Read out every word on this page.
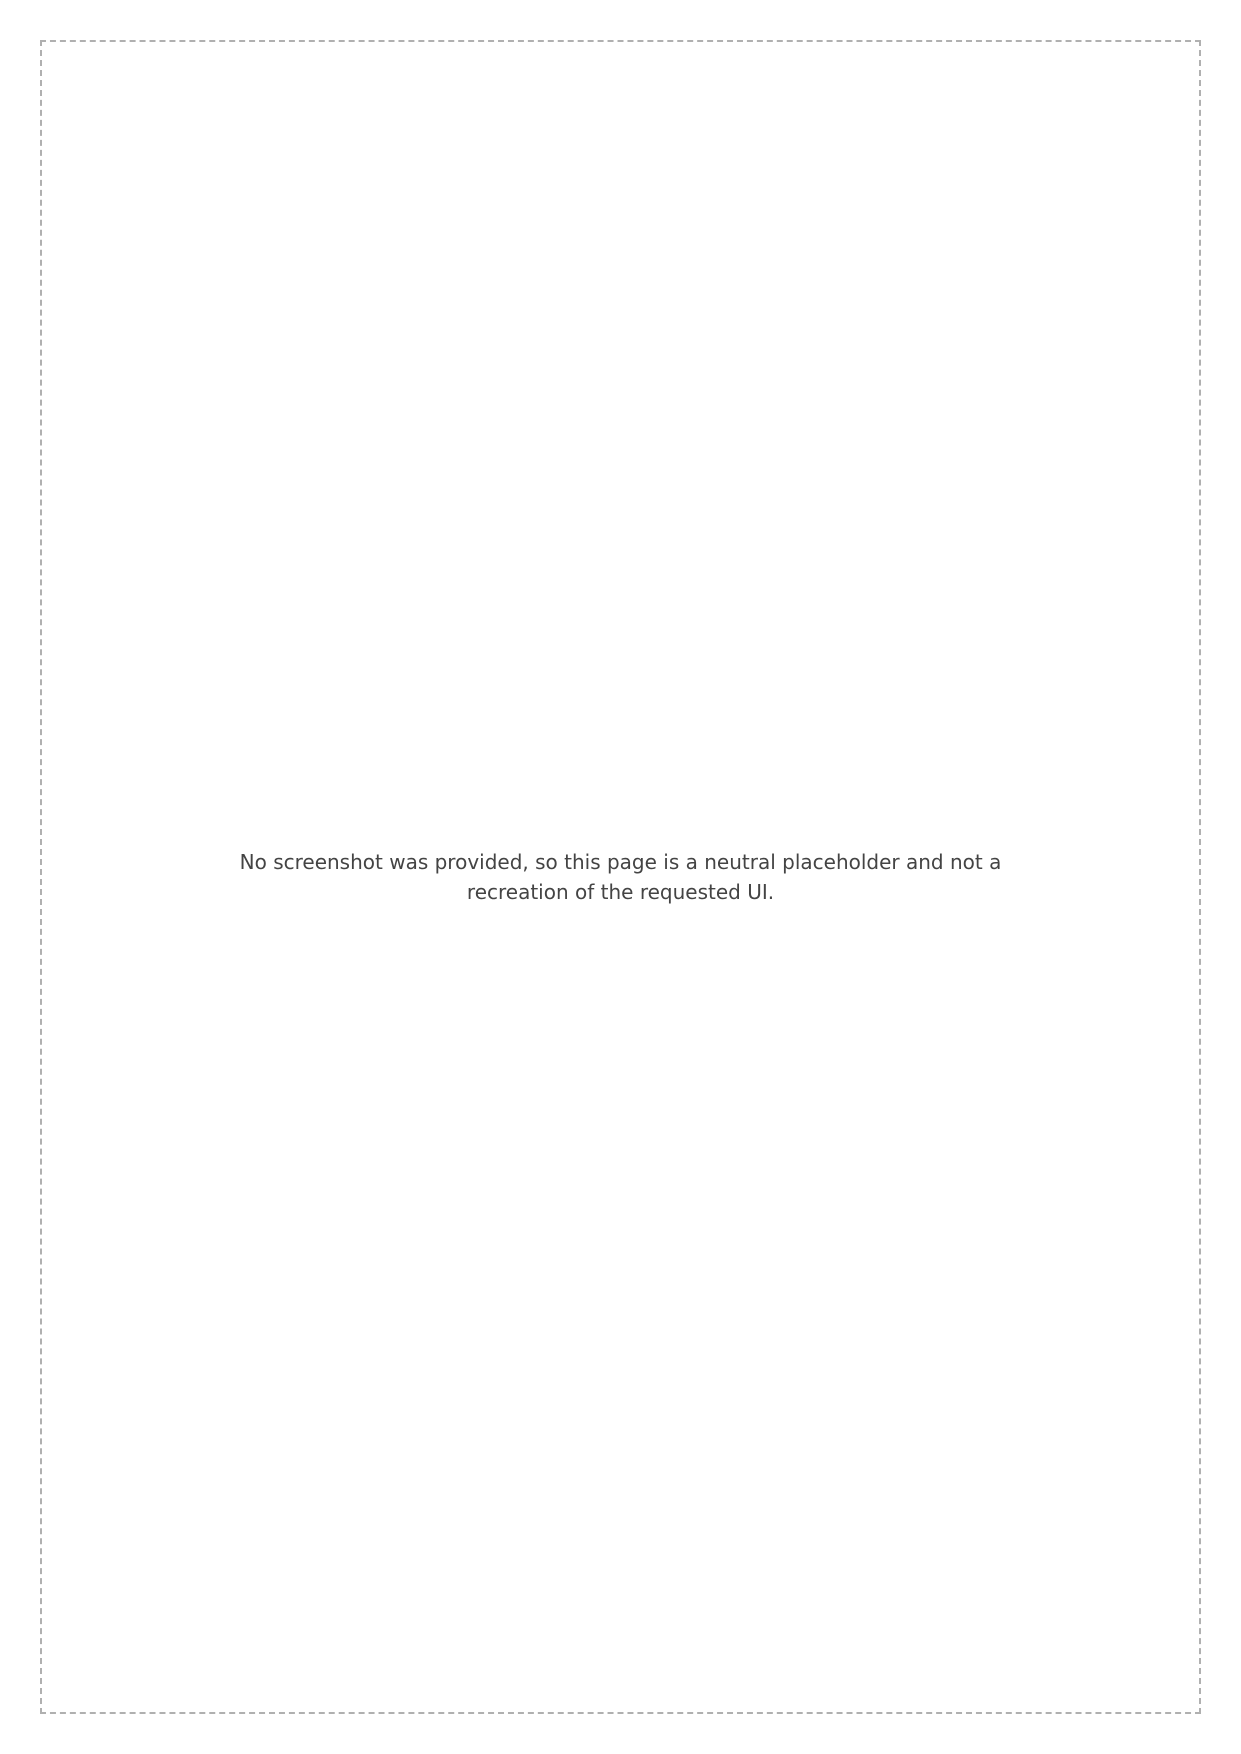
No screenshot was provided, so this page is a neutral placeholder and not a recreation of the requested UI.
